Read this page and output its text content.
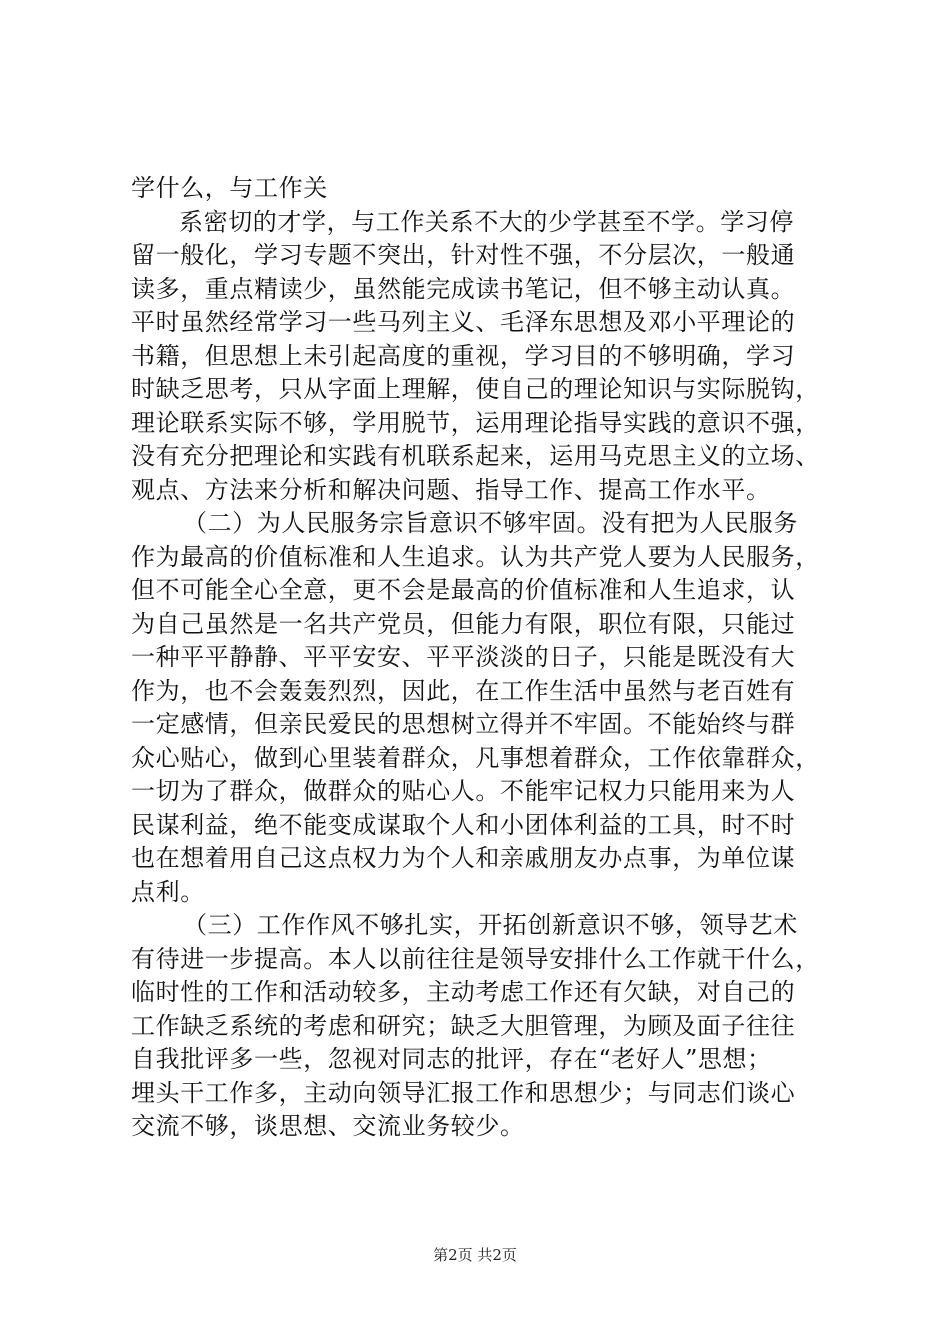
学什么，与工作关
系密切的才学，与工作关系不大的少学甚至不学。学习停
留一般化，学习专题不突出，针对性不强，不分层次，一般通
读多，重点精读少，虽然能完成读书笔记，但不够主动认真。
平时虽然经常学习一些马列主义、毛泽东思想及邓小平理论的
书籍，但思想上未引起高度的重视，学习目的不够明确，学习
时缺乏思考，只从字面上理解，使自己的理论知识与实际脱钩，
理论联系实际不够，学用脱节，运用理论指导实践的意识不强，
没有充分把理论和实践有机联系起来，运用马克思主义的立场、
观点、方法来分析和解决问题、指导工作、提高工作水平。
（二）为人民服务宗旨意识不够牢固。没有把为人民服务
作为最高的价值标准和人生追求。认为共产党人要为人民服务，
但不可能全心全意，更不会是最高的价值标准和人生追求，认
为自己虽然是一名共产党员，但能力有限，职位有限，只能过
一种平平静静、平平安安、平平淡淡的日子，只能是既没有大
作为，也不会轰轰烈烈，因此，在工作生活中虽然与老百姓有
一定感情，但亲民爱民的思想树立得并不牢固。不能始终与群
众心贴心，做到心里装着群众，凡事想着群众，工作依靠群众，
一切为了群众，做群众的贴心人。不能牢记权力只能用来为人
民谋利益，绝不能变成谋取个人和小团体利益的工具，时不时
也在想着用自己这点权力为个人和亲戚朋友办点事，为单位谋
点利。
（三）工作作风不够扎实，开拓创新意识不够，领导艺术
有待进一步提高。本人以前往往是领导安排什么工作就干什么，
临时性的工作和活动较多，主动考虑工作还有欠缺，对自己的
工作缺乏系统的考虑和研究；缺乏大胆管理，为顾及面子往往
自我批评多一些，忽视对同志的批评，存在“老好人”思想；
埋头干工作多，主动向领导汇报工作和思想少；与同志们谈心
交流不够，谈思想、交流业务较少。
第2页 共2页
